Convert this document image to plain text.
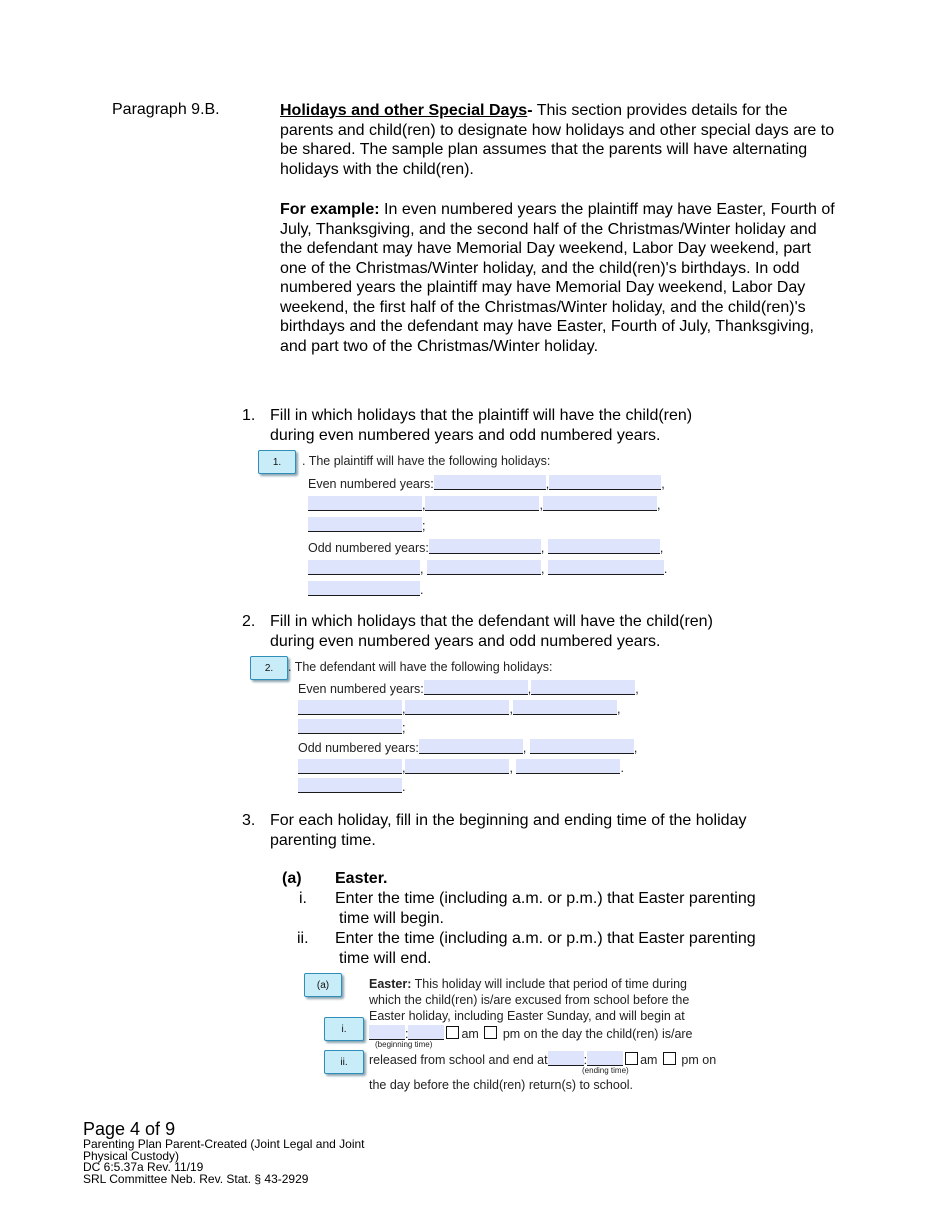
Paragraph 9.B.	Holidays and other Special Days- This section provides details for the parents and child(ren) to designate how holidays and other special days are to be shared. The sample plan assumes that the parents will have alternating holidays with the child(ren).
For example: In even numbered years the plaintiff may have Easter, Fourth of July, Thanksgiving, and the second half of the Christmas/Winter holiday and the defendant may have Memorial Day weekend, Labor Day weekend, part one of the Christmas/Winter holiday, and the child(ren)'s birthdays. In odd numbered years the plaintiff may have Memorial Day weekend, Labor Day weekend, the first half of the Christmas/Winter holiday, and the child(ren)'s birthdays and the defendant may have Easter, Fourth of July, Thanksgiving, and part two of the Christmas/Winter holiday.
1. Fill in which holidays that the plaintiff will have the child(ren)
during even numbered years and odd numbered years.
1.	. The plaintiff will have the following holidays:
Even numbered years:	,	,
,	,	,
;
Odd numbered years:	,	,
,	,	.
.
2. Fill in which holidays that the defendant will have the child(ren)
during even numbered years and odd numbered years.
2.	. The defendant will have the following holidays:
Even numbered years:	,	,
,	,	,
;
Odd numbered years:	,	,
,	,	.
.
3. For each holiday, fill in the beginning and ending time of the holiday
parenting time.
(a) Easter.
i. Enter the time (including a.m. or p.m.) that Easter parenting
time will begin.
ii. Enter the time (including a.m. or p.m.) that Easter parenting
time will end.
(a)
i.
ii.
Easter: This holiday will include that period of time during
which the child(ren) is/are excused from school before the
Easter holiday, including Easter Sunday, and will begin at
:	am pm on the day the child(ren) is/are
(beginning time)
released from school and end at	:	am pm on
(ending time)
the day before the child(ren) return(s) to school.
Page 4 of 9
Parenting Plan Parent-Created (Joint Legal and Joint
Physical Custody)
DC 6:5.37a Rev. 11/19
SRL Committee Neb. Rev. Stat. § 43-2929
